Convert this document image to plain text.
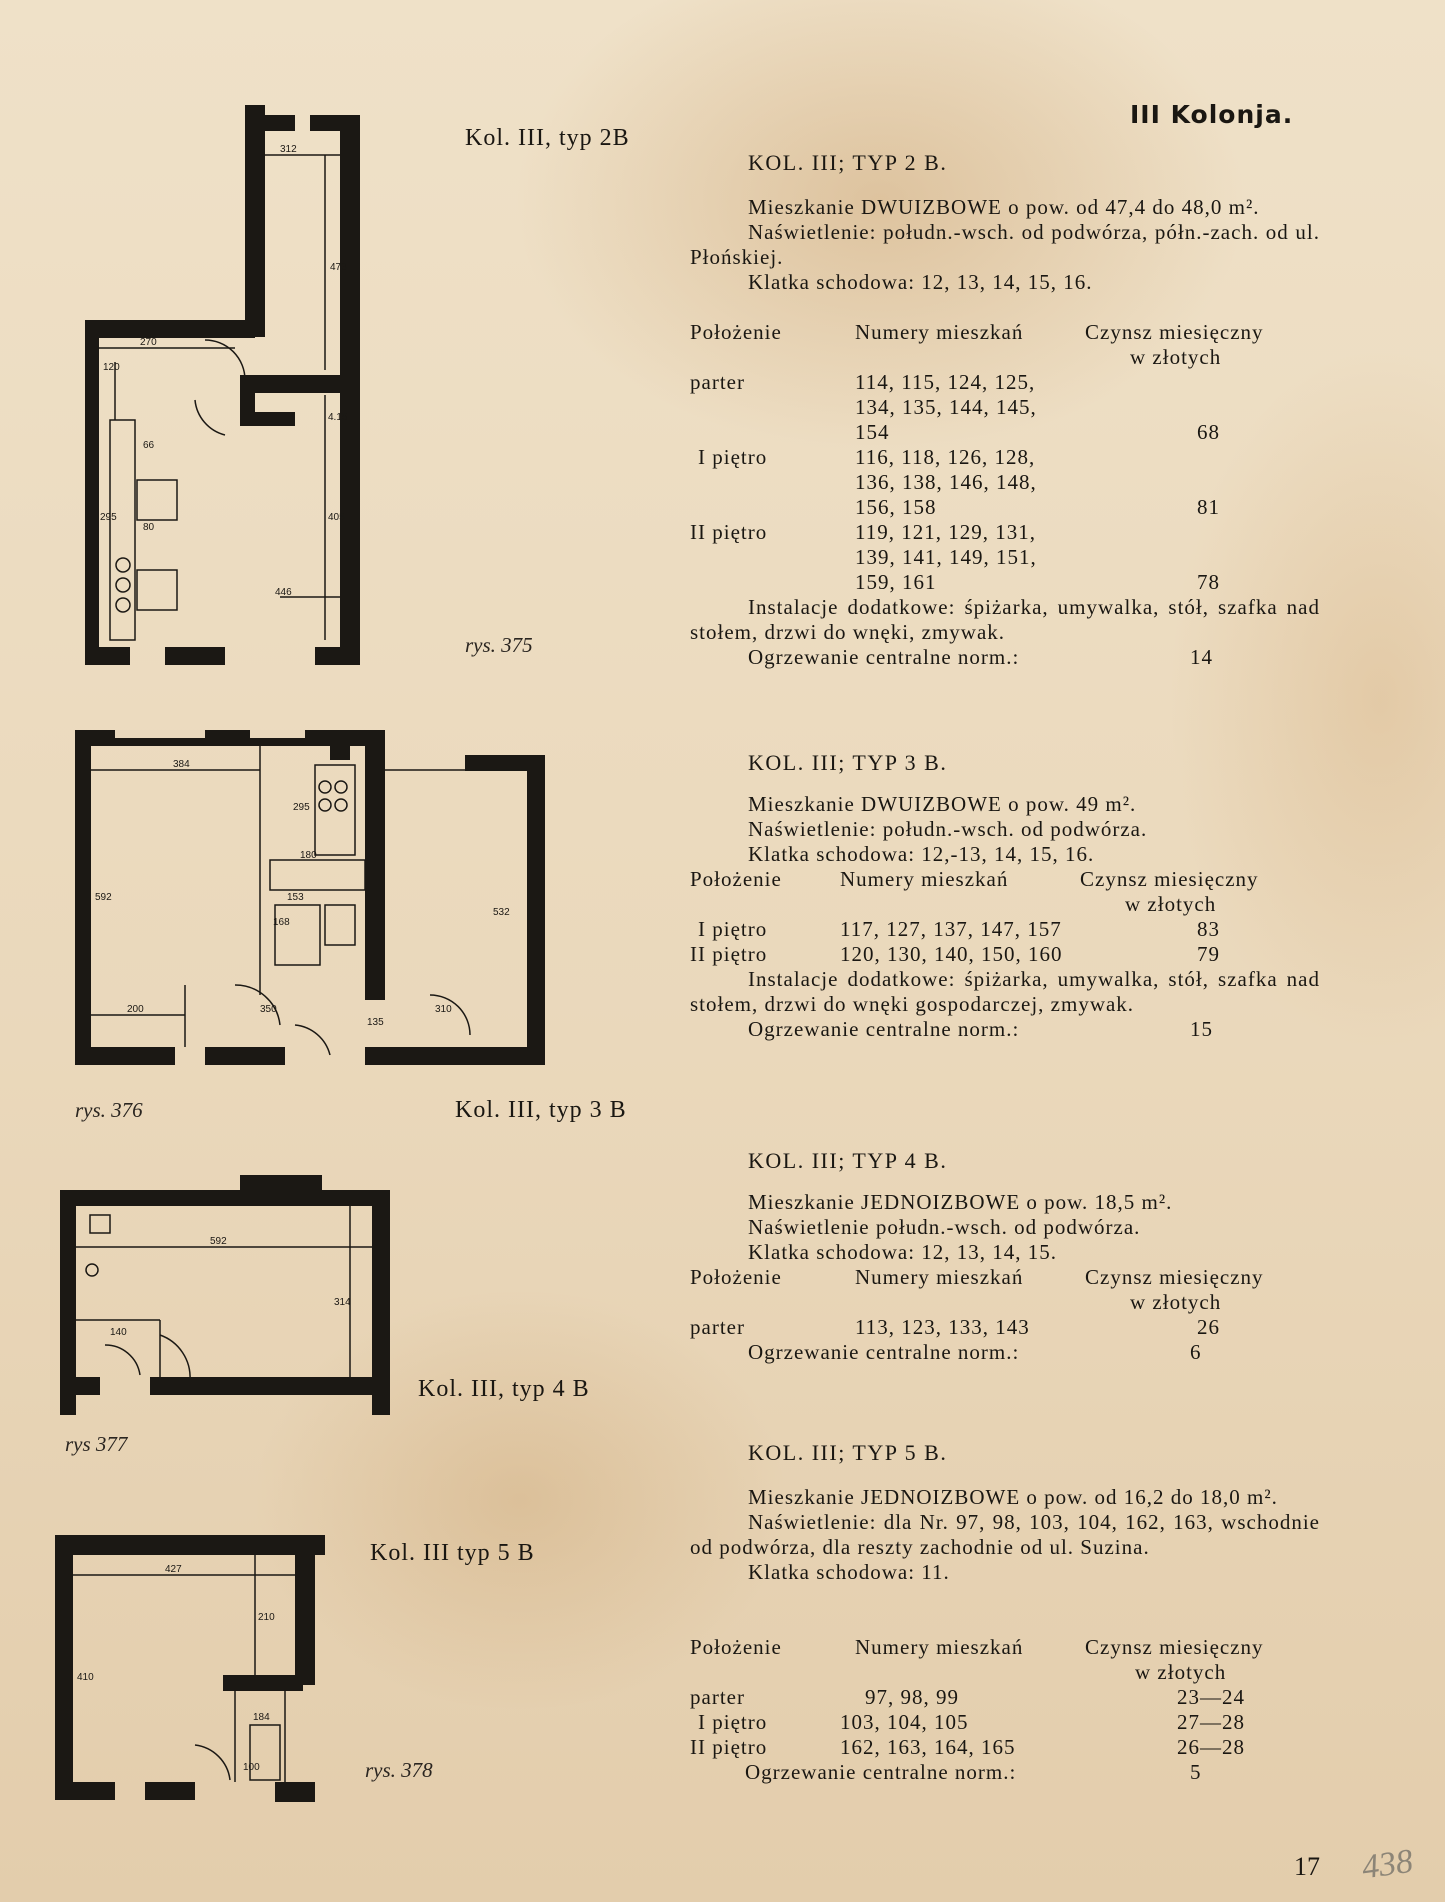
III Kolonja.
312
473
270
120
66
295
80
446
405
4.15
Kol. III, typ 2B
rys. 375
384
295
180
153
168
592
200	350
135
310
532
rys. 376	Kol. III, typ 3 B
592
140
314
Kol. III, typ 4 B
rys 377
427
210
410
184
100
Kol. III typ 5 B
rys. 378
KOL. III; TYP 2 B.

Mieszkanie DWUIZBOWE o pow. od 47,4 do 48,0 m².

Naświetlenie: połudn.-wsch. od podwórza, półn.-zach. od ul. Płońskiej.

Klatka schodowa: 12, 13, 14, 15, 16.

Położenie	Numery mieszkań	Czynsz miesięczny
w złotych
parter	114, 115, 124, 125,
134, 135, 144, 145,
154	68
I piętro	116, 118, 126, 128,
136, 138, 146, 148,
156, 158	81
II piętro	119, 121, 129, 131,
139, 141, 149, 151,
159, 161	78

Instalacje dodatkowe: śpiżarka, umywalka, stół, szafka nad stołem, drzwi do wnęki, zmywak.

Ogrzewanie centralne norm.:	14
KOL. III; TYP 3 B.

Mieszkanie DWUIZBOWE o pow. 49 m².

Naświetlenie: połudn.-wsch. od podwórza.

Klatka schodowa: 12,-13, 14, 15, 16.

Położenie	Numery mieszkań	Czynsz miesięczny
w złotych
I piętro	117, 127, 137, 147, 157	83
II piętro	120, 130, 140, 150, 160	79

Instalacje dodatkowe: śpiżarka, umywalka, stół, szafka nad stołem, drzwi do wnęki gospodarczej, zmywak.

Ogrzewanie centralne norm.:	15
KOL. III; TYP 4 B.

Mieszkanie JEDNOIZBOWE o pow. 18,5 m².

Naświetlenie połudn.-wsch. od podwórza.

Klatka schodowa: 12, 13, 14, 15.

Położenie	Numery mieszkań	Czynsz miesięczny
w złotych
parter	113, 123, 133, 143	26
Ogrzewanie centralne norm.:	6
KOL. III; TYP 5 B.

Mieszkanie JEDNOIZBOWE o pow. od 16,2 do 18,0 m².

Naświetlenie: dla Nr. 97, 98, 103, 104, 162, 163, wschodnie od podwórza, dla reszty zachodnie od ul. Suzina.

Klatka schodowa: 11.

Położenie	Numery mieszkań	Czynsz miesięczny
w złotych
parter	97, 98, 99	23—24
I piętro	103, 104, 105	27—28
II piętro	162, 163, 164, 165	26—28
Ogrzewanie centralne norm.:	5
17 438
